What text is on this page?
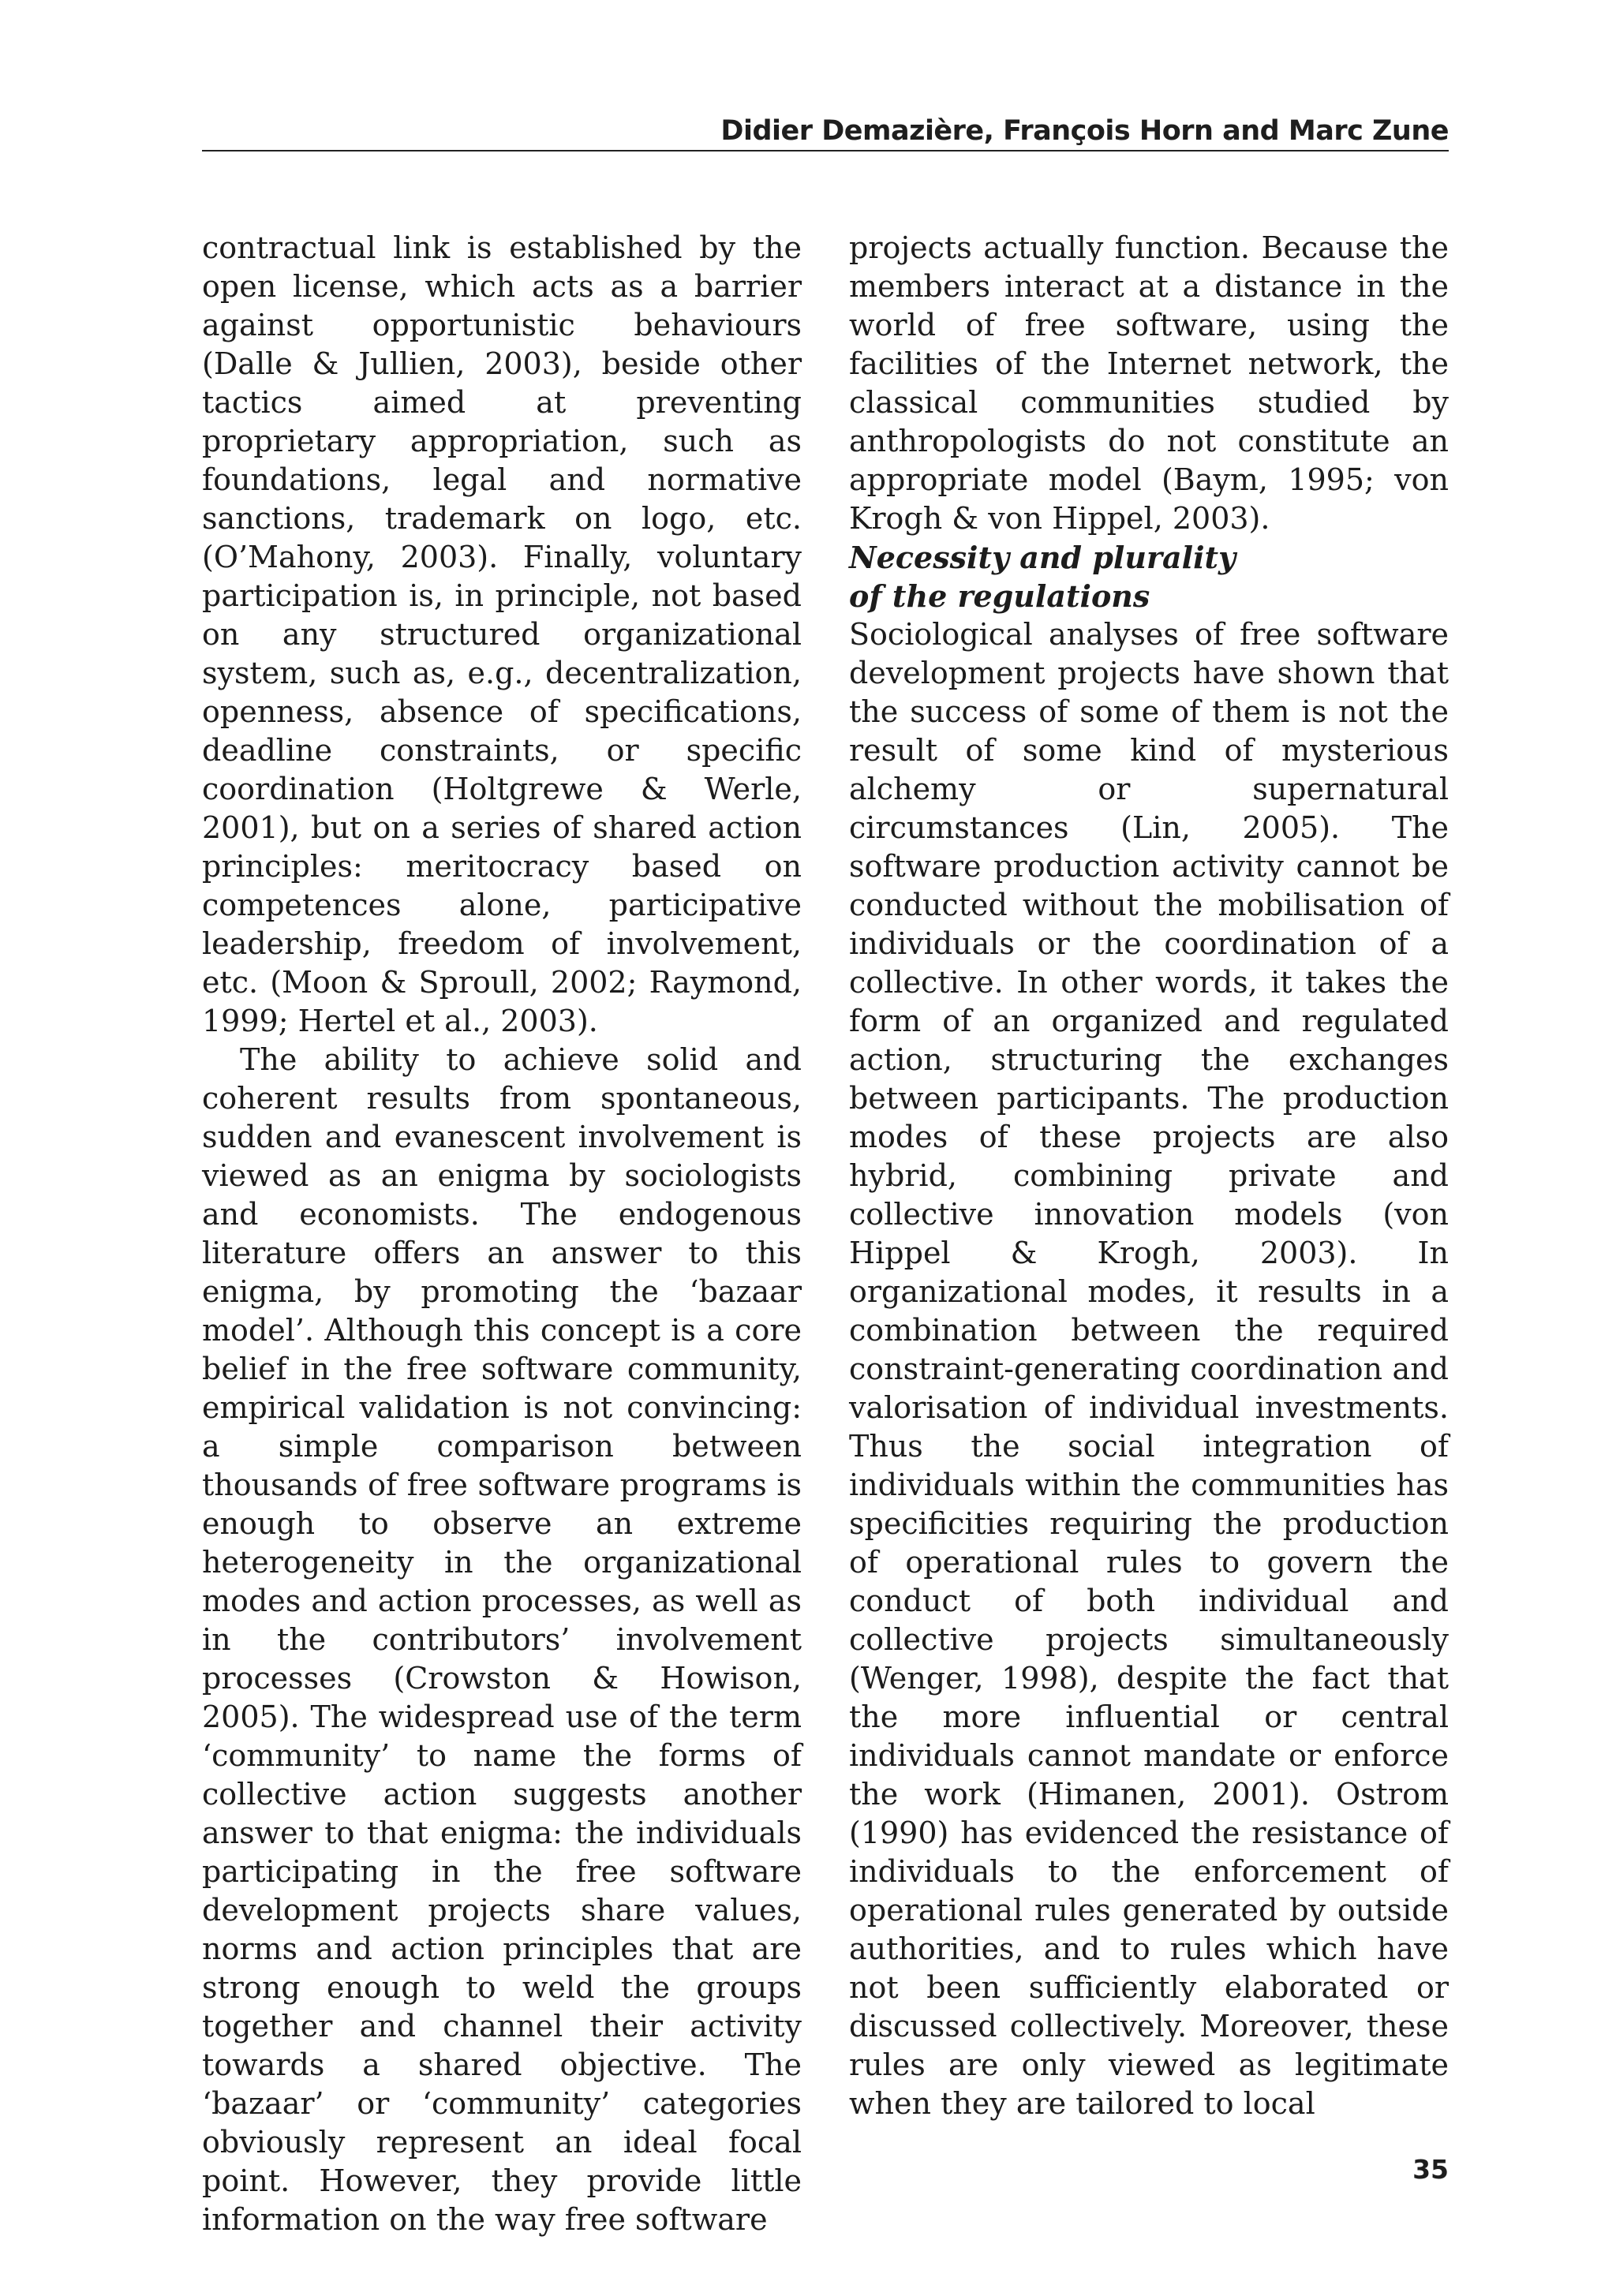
Didier Demazière, François Horn and Marc Zune

contractual link is established by the open license, which acts as a barrier against opportunistic behaviours (Dalle & Jullien, 2003), beside other tactics aimed at preventing proprietary appropriation, such as foundations, legal and normative sanctions, trademark on logo, etc. (O’Mahony, 2003). Finally, voluntary participation is, in principle, not based on any structured organizational system, such as, e.g., decentralization, openness, absence of specifications, deadline constraints, or specific coordination (Holtgrewe & Werle, 2001), but on a series of shared action principles: meritocracy based on competences alone, participative leadership, freedom of involvement, etc. (Moon & Sproull, 2002; Raymond, 1999; Hertel et al., 2003).

The ability to achieve solid and coherent results from spontaneous, sudden and evanescent involvement is viewed as an enigma by sociologists and economists. The endogenous literature offers an answer to this enigma, by promoting the ‘bazaar model’. Although this concept is a core belief in the free software community, empirical validation is not convincing: a simple comparison between thousands of free software programs is enough to observe an extreme heterogeneity in the organizational modes and action processes, as well as in the contributors’ involvement processes (Crowston & Howison, 2005). The widespread use of the term ‘community’ to name the forms of collective action suggests another answer to that enigma: the individuals participating in the free software development projects share values, norms and action principles that are strong enough to weld the groups together and channel their activity towards a shared objective. The ‘bazaar’ or ‘community’ categories obviously represent an ideal focal point. However, they provide little information on the way free software

projects actually function. Because the members interact at a distance in the world of free software, using the facilities of the Internet network, the classical communities studied by anthropologists do not constitute an appropriate model (Baym, 1995; von Krogh & von Hippel, 2003).

Necessity and plurality
of the regulations

Sociological analyses of free software development projects have shown that the success of some of them is not the result of some kind of mysterious alchemy or supernatural circumstances (Lin, 2005). The software production activity cannot be conducted without the mobilisation of individuals or the coordination of a collective. In other words, it takes the form of an organized and regulated action, structuring the exchanges between participants. The production modes of these projects are also hybrid, combining private and collective innovation models (von Hippel & Krogh, 2003). In organizational modes, it results in a combination between the required constraint-generating coordination and valorisation of individual investments. Thus the social integration of individuals within the communities has specificities requiring the production of operational rules to govern the conduct of both individual and collective projects simultaneously (Wenger, 1998), despite the fact that the more influential or central individuals cannot mandate or enforce the work (Himanen, 2001). Ostrom (1990) has evidenced the resistance of individuals to the enforcement of operational rules generated by outside authorities, and to rules which have not been sufficiently elaborated or discussed collectively. Moreover, these rules are only viewed as legitimate when they are tailored to local

35
